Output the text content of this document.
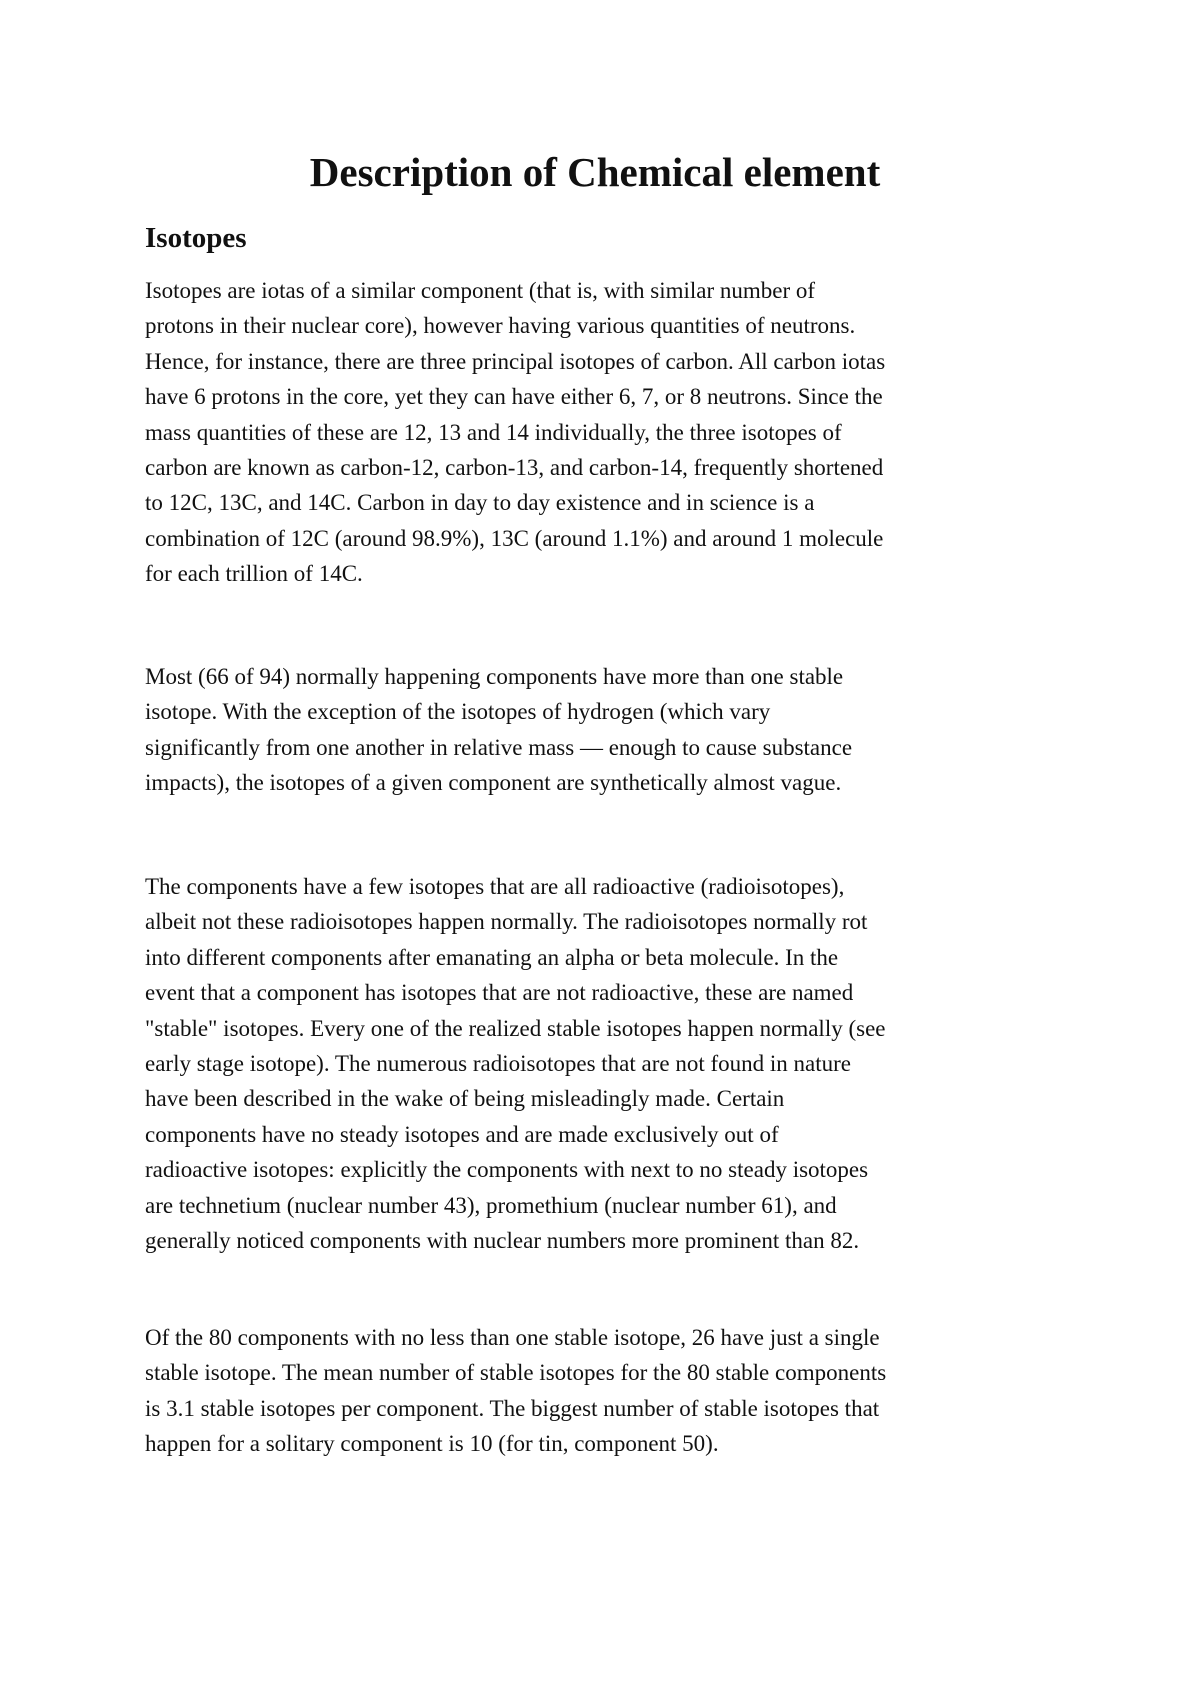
Description of Chemical element
Isotopes

Isotopes are iotas of a similar component (that is, with similar number of
protons in their nuclear core), however having various quantities of neutrons.
Hence, for instance, there are three principal isotopes of carbon. All carbon iotas
have 6 protons in the core, yet they can have either 6, 7, or 8 neutrons. Since the
mass quantities of these are 12, 13 and 14 individually, the three isotopes of
carbon are known as carbon-12, carbon-13, and carbon-14, frequently shortened
to 12C, 13C, and 14C. Carbon in day to day existence and in science is a
combination of 12C (around 98.9%), 13C (around 1.1%) and around 1 molecule
for each trillion of 14C.

Most (66 of 94) normally happening components have more than one stable
isotope. With the exception of the isotopes of hydrogen (which vary
significantly from one another in relative mass — enough to cause substance
impacts), the isotopes of a given component are synthetically almost vague.

The components have a few isotopes that are all radioactive (radioisotopes),
albeit not these radioisotopes happen normally. The radioisotopes normally rot
into different components after emanating an alpha or beta molecule. In the
event that a component has isotopes that are not radioactive, these are named
"stable" isotopes. Every one of the realized stable isotopes happen normally (see
early stage isotope). The numerous radioisotopes that are not found in nature
have been described in the wake of being misleadingly made. Certain
components have no steady isotopes and are made exclusively out of
radioactive isotopes: explicitly the components with next to no steady isotopes
are technetium (nuclear number 43), promethium (nuclear number 61), and
generally noticed components with nuclear numbers more prominent than 82.

Of the 80 components with no less than one stable isotope, 26 have just a single
stable isotope. The mean number of stable isotopes for the 80 stable components
is 3.1 stable isotopes per component. The biggest number of stable isotopes that
happen for a solitary component is 10 (for tin, component 50).
